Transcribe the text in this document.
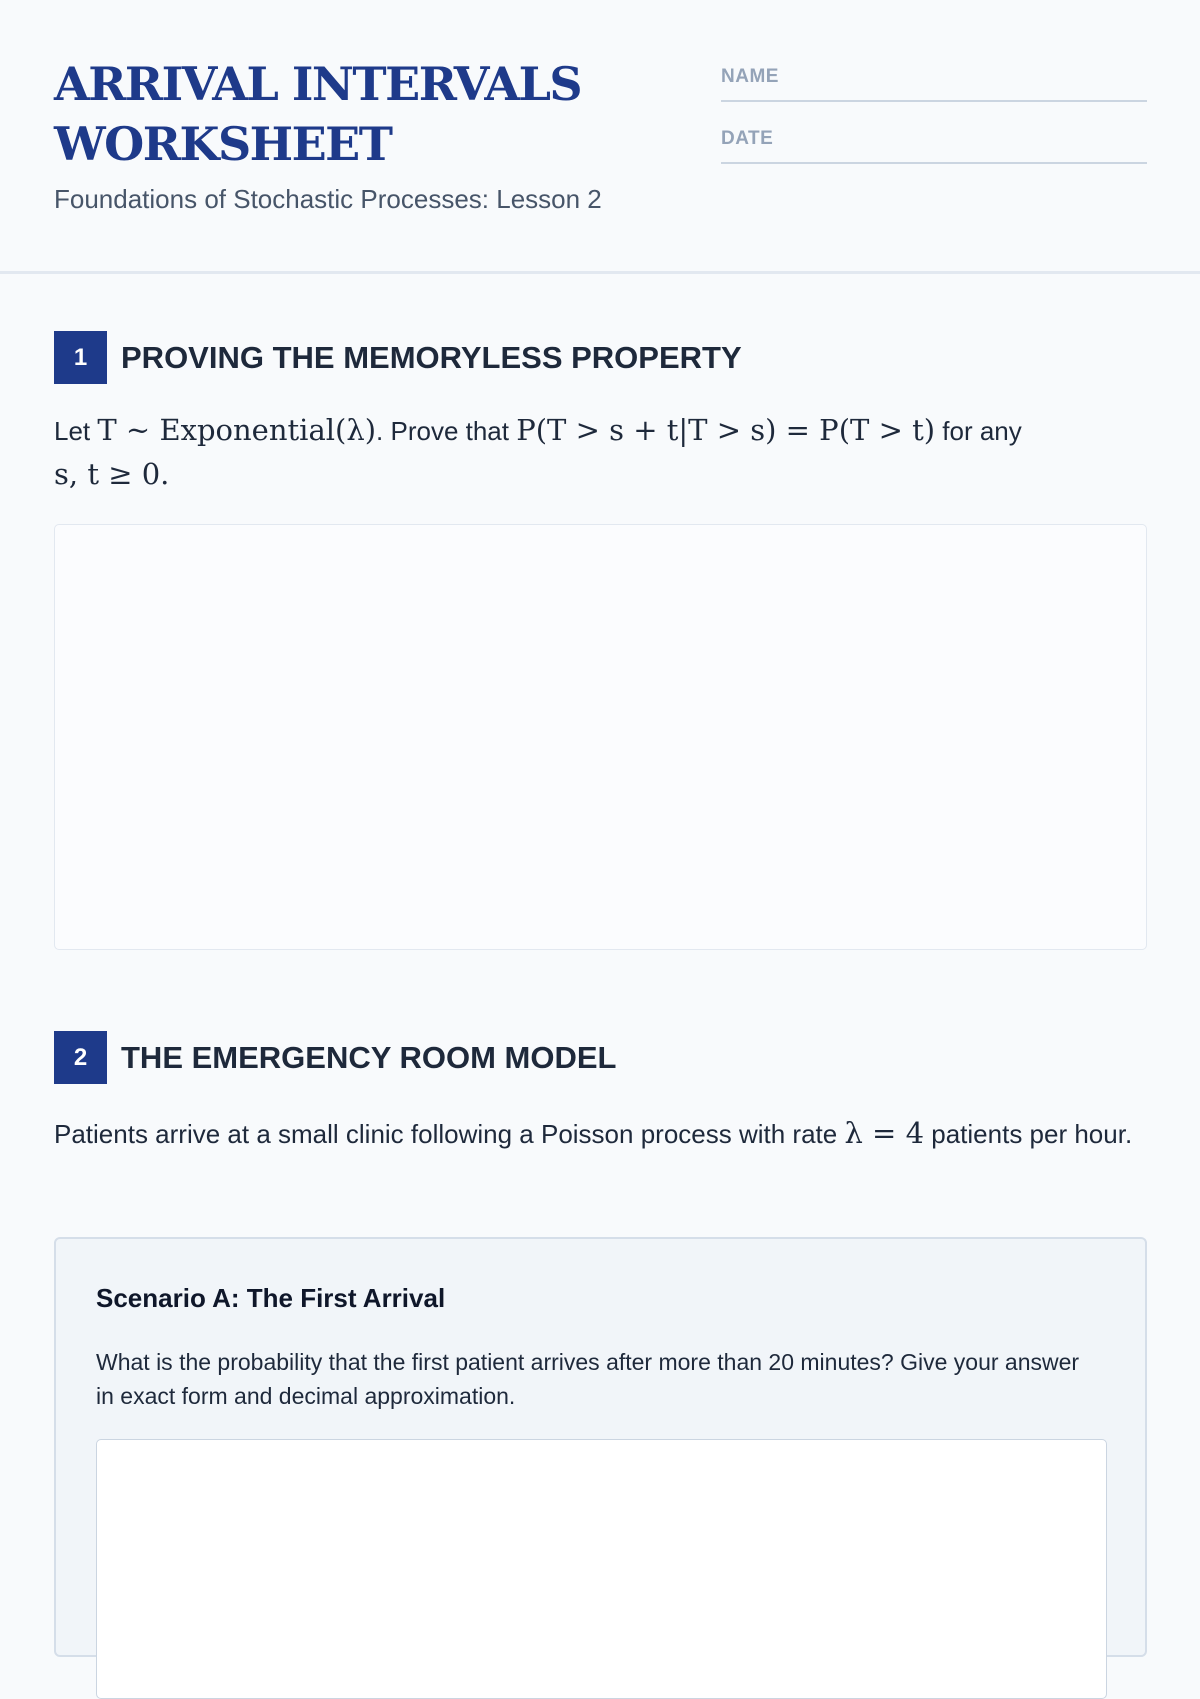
ARRIVAL INTERVALS
WORKSHEET
Foundations of Stochastic Processes: Lesson 2
NAME
DATE
1	PROVING THE MEMORYLESS PROPERTY
Let T ~ Exponential(λ). Prove that P(T > s + t|T > s) = P(T > t) for any
s, t ≥ 0.
2	THE EMERGENCY ROOM MODEL
Patients arrive at a small clinic following a Poisson process with rate λ = 4 patients per hour.
Scenario A: The First Arrival
What is the probability that the first patient arrives after more than 20 minutes? Give your answer in exact form and decimal approximation.
